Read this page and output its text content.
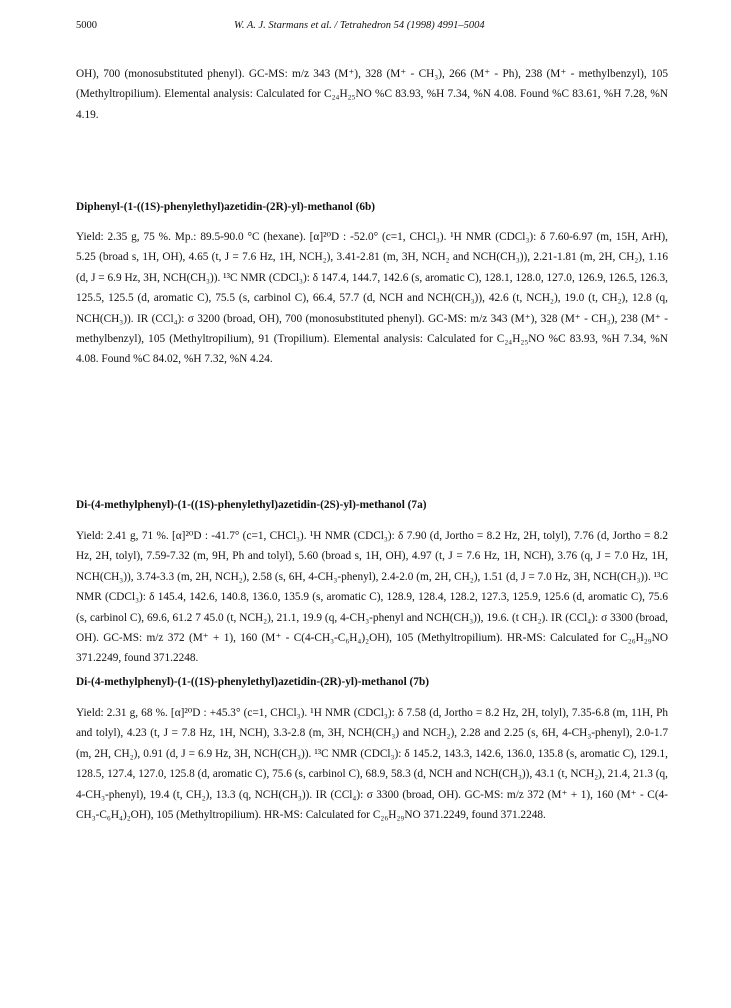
5000	W. A. J. Starmans et al. / Tetrahedron 54 (1998) 4991–5004

OH), 700 (monosubstituted phenyl). GC-MS: m/z 343 (M⁺), 328 (M⁺ - CH₃), 266 (M⁺ - Ph), 238 (M⁺ - methylbenzyl), 105 (Methyltropilium). Elemental analysis: Calculated for C₂₄H₂₅NO %C 83.93, %H 7.34, %N 4.08. Found %C 83.61, %H 7.28, %N 4.19.

Diphenyl-(1-((1S)-phenylethyl)azetidin-(2R)-yl)-methanol (6b)

Yield: 2.35 g, 75 %. Mp.: 89.5-90.0 °C (hexane). [α]²⁰D : -52.0° (c=1, CHCl₃). ¹H NMR (CDCl₃): δ 7.60-6.97 (m, 15H, ArH), 5.25 (broad s, 1H, OH), 4.65 (t, J = 7.6 Hz, 1H, NCH₂), 3.41-2.81 (m, 3H, NCH₂ and NCH(CH₃)), 2.21-1.81 (m, 2H, CH₂), 1.16 (d, J = 6.9 Hz, 3H, NCH(CH₃)). ¹³C NMR (CDCl₃): δ 147.4, 144.7, 142.6 (s, aromatic C), 128.1, 128.0, 127.0, 126.9, 126.5, 126.3, 125.5, 125.5 (d, aromatic C), 75.5 (s, carbinol C), 66.4, 57.7 (d, NCH and NCH(CH₃)), 42.6 (t, NCH₂), 19.0 (t, CH₂), 12.8 (q, NCH(CH₃)). IR (CCl₄): σ 3200 (broad, OH), 700 (monosubstituted phenyl). GC-MS: m/z 343 (M⁺), 328 (M⁺ - CH₃), 238 (M⁺ - methylbenzyl), 105 (Methyltropilium), 91 (Tropilium). Elemental analysis: Calculated for C₂₄H₂₅NO %C 83.93, %H 7.34, %N 4.08. Found %C 84.02, %H 7.32, %N 4.24.

Di-(4-methylphenyl)-(1-((1S)-phenylethyl)azetidin-(2S)-yl)-methanol (7a)

Yield: 2.41 g, 71 %. [α]²⁰D : -41.7° (c=1, CHCl₃). ¹H NMR (CDCl₃): δ 7.90 (d, Jortho = 8.2 Hz, 2H, tolyl), 7.76 (d, Jortho = 8.2 Hz, 2H, tolyl), 7.59-7.32 (m, 9H, Ph and tolyl), 5.60 (broad s, 1H, OH), 4.97 (t, J = 7.6 Hz, 1H, NCH), 3.76 (q, J = 7.0 Hz, 1H, NCH(CH₃)), 3.74-3.3 (m, 2H, NCH₂), 2.58 (s, 6H, 4-CH₃-phenyl), 2.4-2.0 (m, 2H, CH₂), 1.51 (d, J = 7.0 Hz, 3H, NCH(CH₃)). ¹³C NMR (CDCl₃): δ 145.4, 142.6, 140.8, 136.0, 135.9 (s, aromatic C), 128.9, 128.4, 128.2, 127.3, 125.9, 125.6 (d, aromatic C), 75.6 (s, carbinol C), 69.6, 61.2 7 45.0 (t, NCH₂), 21.1, 19.9 (q, 4-CH₃-phenyl and NCH(CH₃)), 19.6. (t CH₂). IR (CCl₄): σ 3300 (broad, OH). GC-MS: m/z 372 (M⁺ + 1), 160 (M⁺ - C(4-CH₃-C₆H₄)₂OH), 105 (Methyltropilium). HR-MS: Calculated for C₂₆H₂₉NO 371.2249, found 371.2248.

Di-(4-methylphenyl)-(1-((1S)-phenylethyl)azetidin-(2R)-yl)-methanol (7b)

Yield: 2.31 g, 68 %. [α]²⁰D : +45.3° (c=1, CHCl₃). ¹H NMR (CDCl₃): δ 7.58 (d, Jortho = 8.2 Hz, 2H, tolyl), 7.35-6.8 (m, 11H, Ph and tolyl), 4.23 (t, J = 7.8 Hz, 1H, NCH), 3.3-2.8 (m, 3H, NCH(CH₃) and NCH₂), 2.28 and 2.25 (s, 6H, 4-CH₃-phenyl), 2.0-1.7 (m, 2H, CH₂), 0.91 (d, J = 6.9 Hz, 3H, NCH(CH₃)). ¹³C NMR (CDCl₃): δ 145.2, 143.3, 142.6, 136.0, 135.8 (s, aromatic C), 129.1, 128.5, 127.4, 127.0, 125.8 (d, aromatic C), 75.6 (s, carbinol C), 68.9, 58.3 (d, NCH and NCH(CH₃)), 43.1 (t, NCH₂), 21.4, 21.3 (q, 4-CH₃-phenyl), 19.4 (t, CH₂), 13.3 (q, NCH(CH₃)). IR (CCl₄): σ 3300 (broad, OH). GC-MS: m/z 372 (M⁺ + 1), 160 (M⁺ - C(4-CH₃-C₆H₄)₂OH), 105 (Methyltropilium). HR-MS: Calculated for C₂₆H₂₉NO 371.2249, found 371.2248.
